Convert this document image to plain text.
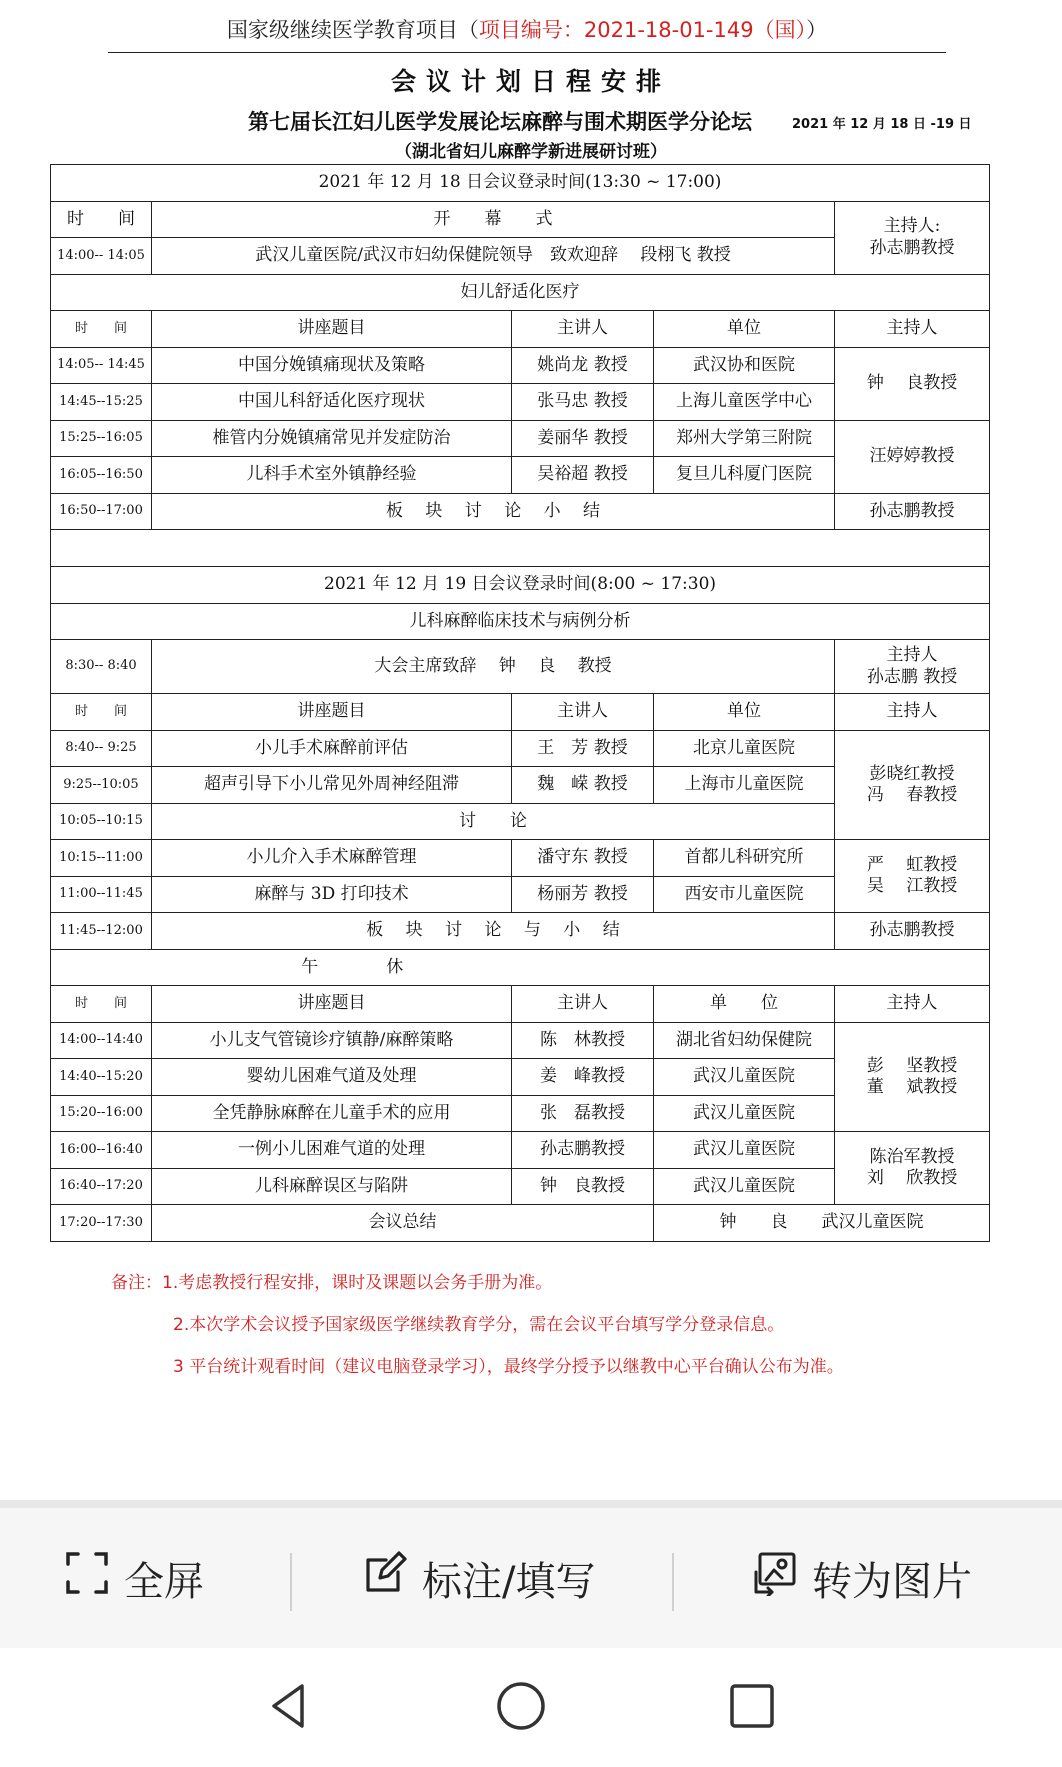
国家级继续医学教育项目（项目编号：2021-18-01-149（国））
会议计划日程安排
第七届长江妇儿医学发展论坛麻醉与围术期医学分论坛	2021 年 12 月 18 日 -19 日
（湖北省妇儿麻醉学新进展研讨班）
2021 年 12 月 18 日会议登录时间(13:30 ~ 17:00)				
时　　间	开　　幕　　式			主持人:
孙志鹏教授

14:00-- 14:05	武汉儿童医院/武汉市妇幼保健院领导　致欢迎辞　 段栩飞 教授			
妇儿舒适化医疗				
时　　间	讲座题目	主讲人	单位	主持人
14:05-- 14:45	中国分娩镇痛现状及策略	姚尚龙 教授	武汉协和医院	钟　 良教授
14:45--15:25	中国儿科舒适化医疗现状	张马忠 教授	上海儿童医学中心	
15:25--16:05	椎管内分娩镇痛常见并发症防治	姜丽华 教授	郑州大学第三附院	汪婷婷教授
16:05--16:50	儿科手术室外镇静经验	吴裕超 教授	复旦儿科厦门医院	
16:50--17:00	板　 块　 讨　 论　 小　 结			孙志鹏教授

2021 年 12 月 19 日会议登录时间(8:00 ~ 17:30)				
儿科麻醉临床技术与病例分析				
8:30-- 8:40	大会主席致辞　 钟　 良　 教授			主持人
孙志鹏 教授

时　　间	讲座题目	主讲人	单位	主持人
8:40-- 9:25	小儿手术麻醉前评估	王　芳 教授	北京儿童医院	彭晓红教授
冯　 春教授

9:25--10:05	超声引导下小儿常见外周神经阻滞	魏　嵘 教授	上海市儿童医院	
10:05--10:15	讨　　论			
10:15--11:00	小儿介入手术麻醉管理	潘守东 教授	首都儿科研究所	严　 虹教授
吴　 江教授

11:00--11:45	麻醉与 3D 打印技术	杨丽芳 教授	西安市儿童医院	
11:45--12:00	板　 块　 讨　 论　 与　 小　 结			孙志鹏教授
午　　　　休				
时　　间	讲座题目	主讲人	单　　位	主持人
14:00--14:40	小儿支气管镜诊疗镇静/麻醉策略	陈　林教授	湖北省妇幼保健院	彭　 坚教授
董　 斌教授

14:40--15:20	婴幼儿困难气道及处理	姜　峰教授	武汉儿童医院	
15:20--16:00	全凭静脉麻醉在儿童手术的应用	张　磊教授	武汉儿童医院	
16:00--16:40	一例小儿困难气道的处理	孙志鹏教授	武汉儿童医院	陈治军教授
刘　 欣教授

16:40--17:20	儿科麻醉误区与陷阱	钟　良教授	武汉儿童医院	
17:20--17:30	会议总结		钟　　良　　武汉儿童医院	
备注：1.考虑教授行程安排，课时及课题以会务手册为准。
2.本次学术会议授予国家级医学继续教育学分，需在会议平台填写学分登录信息。
3 平台统计观看时间（建议电脑登录学习），最终学分授予以继教中心平台确认公布为准。
全屏	标注/填写	转为图片
